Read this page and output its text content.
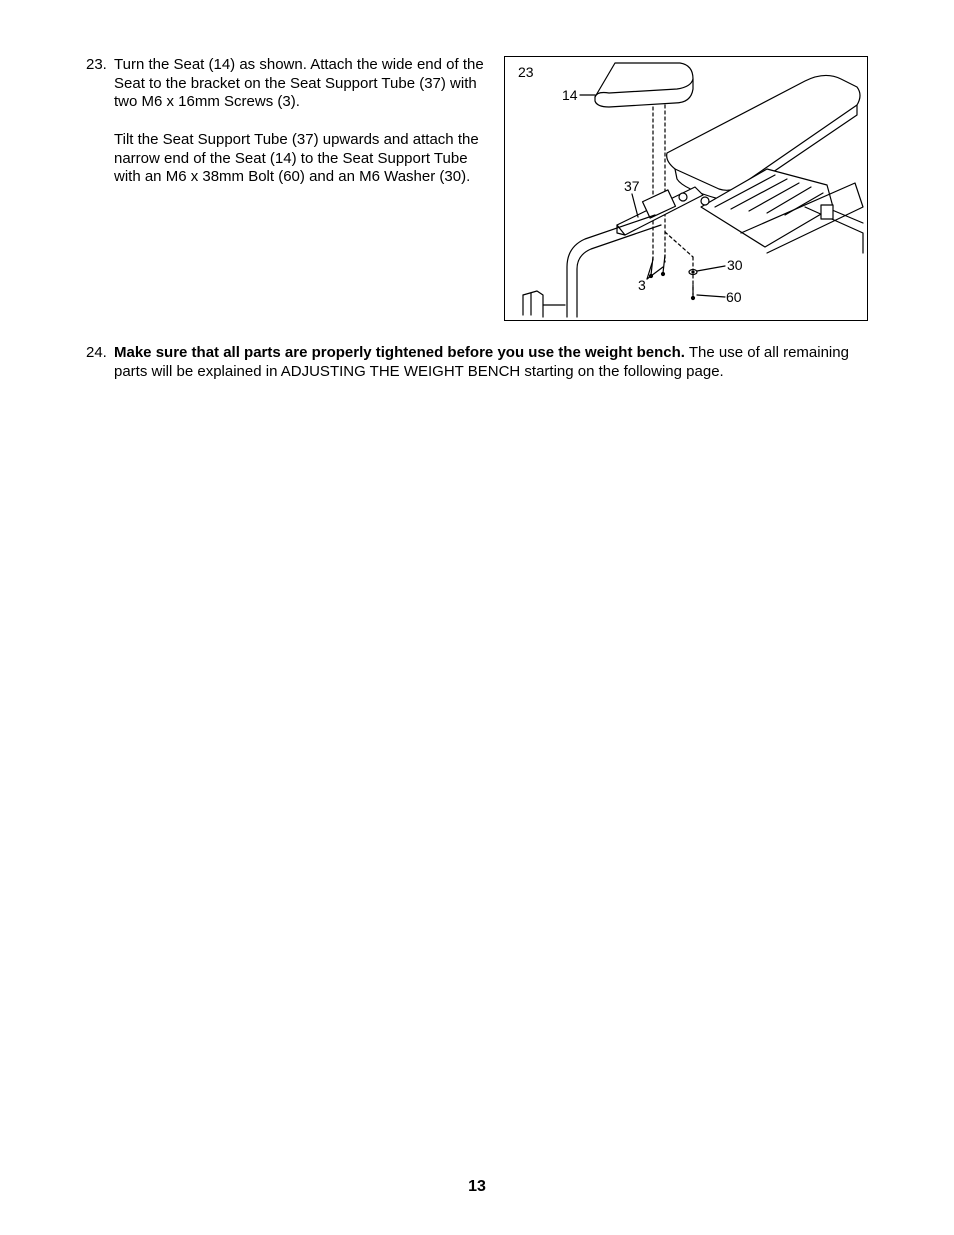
23. Turn the Seat (14) as shown. Attach the wide end of the Seat to the bracket on the Seat Support Tube (37) with two M6 x 16mm Screws (3).

Tilt the Seat Support Tube (37) upwards and attach the narrow end of the Seat (14) to the Seat Support Tube with an M6 x 38mm Bolt (60) and an M6 Washer (30).

23
14
37
3
30
60
24. Make sure that all parts are properly tightened before you use the weight bench. The use of all remaining parts will be explained in ADJUSTING THE WEIGHT BENCH starting on the following page.

13
